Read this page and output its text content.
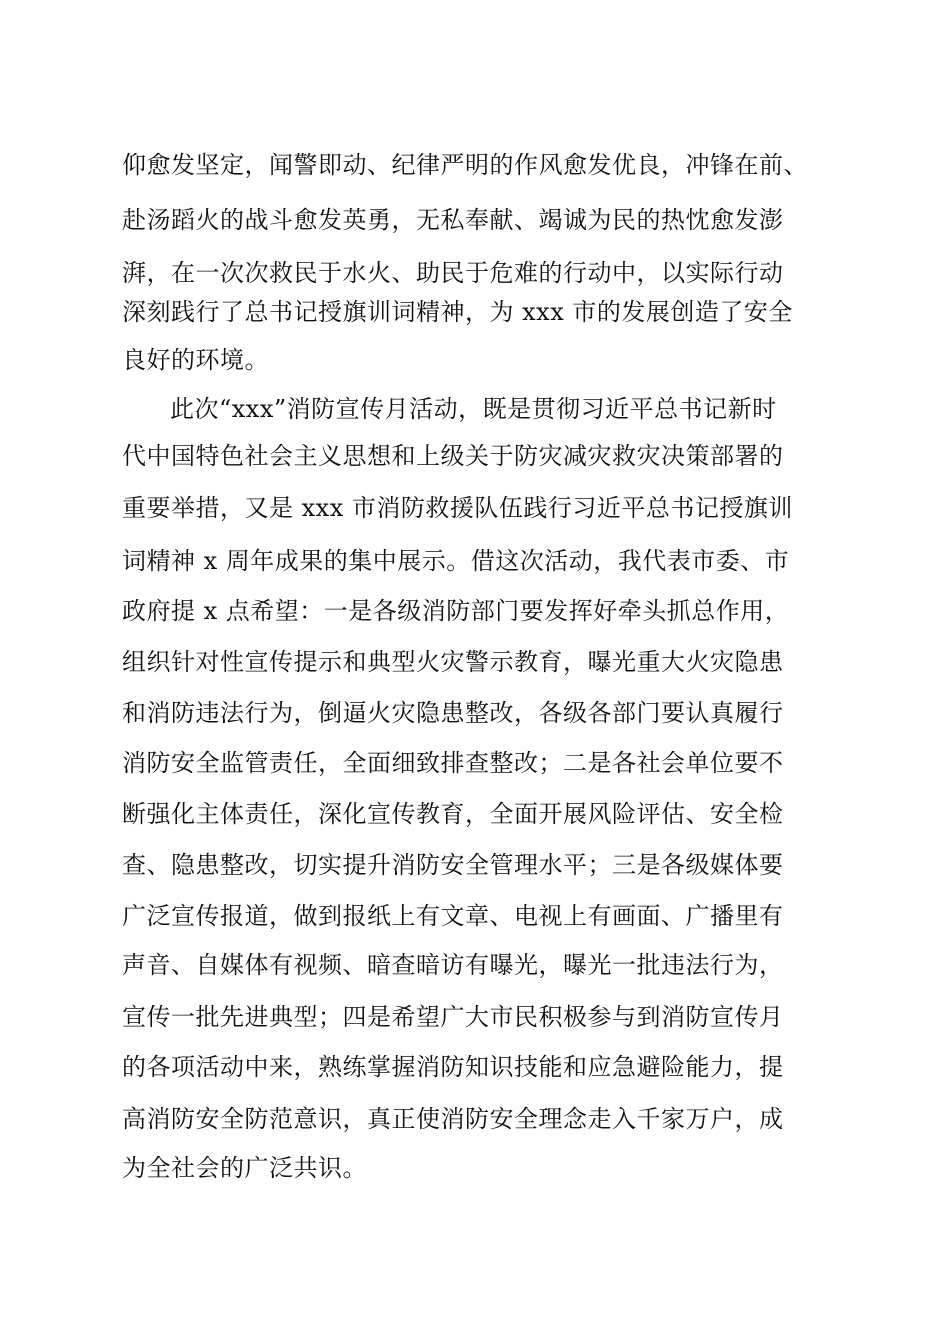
仰愈发坚定，闻警即动、纪律严明的作风愈发优良，冲锋在前、
赴汤蹈火的战斗愈发英勇，无私奉献、竭诚为民的热忱愈发澎
湃，在一次次救民于水火、助民于危难的行动中，以实际行动
深刻践行了总书记授旗训词精神，为 xxx 市的发展创造了安全
良好的环境。
此次“xxx”消防宣传月活动，既是贯彻习近平总书记新时
代中国特色社会主义思想和上级关于防灾减灾救灾决策部署的
重要举措，又是 xxx 市消防救援队伍践行习近平总书记授旗训
词精神 x 周年成果的集中展示。借这次活动，我代表市委、市
政府提 x 点希望：一是各级消防部门要发挥好牵头抓总作用，
组织针对性宣传提示和典型火灾警示教育，曝光重大火灾隐患
和消防违法行为，倒逼火灾隐患整改，各级各部门要认真履行
消防安全监管责任，全面细致排查整改；二是各社会单位要不
断强化主体责任，深化宣传教育，全面开展风险评估、安全检
查、隐患整改，切实提升消防安全管理水平；三是各级媒体要
广泛宣传报道，做到报纸上有文章、电视上有画面、广播里有
声音、自媒体有视频、暗查暗访有曝光，曝光一批违法行为，
宣传一批先进典型；四是希望广大市民积极参与到消防宣传月
的各项活动中来，熟练掌握消防知识技能和应急避险能力，提
高消防安全防范意识，真正使消防安全理念走入千家万户，成
为全社会的广泛共识。
